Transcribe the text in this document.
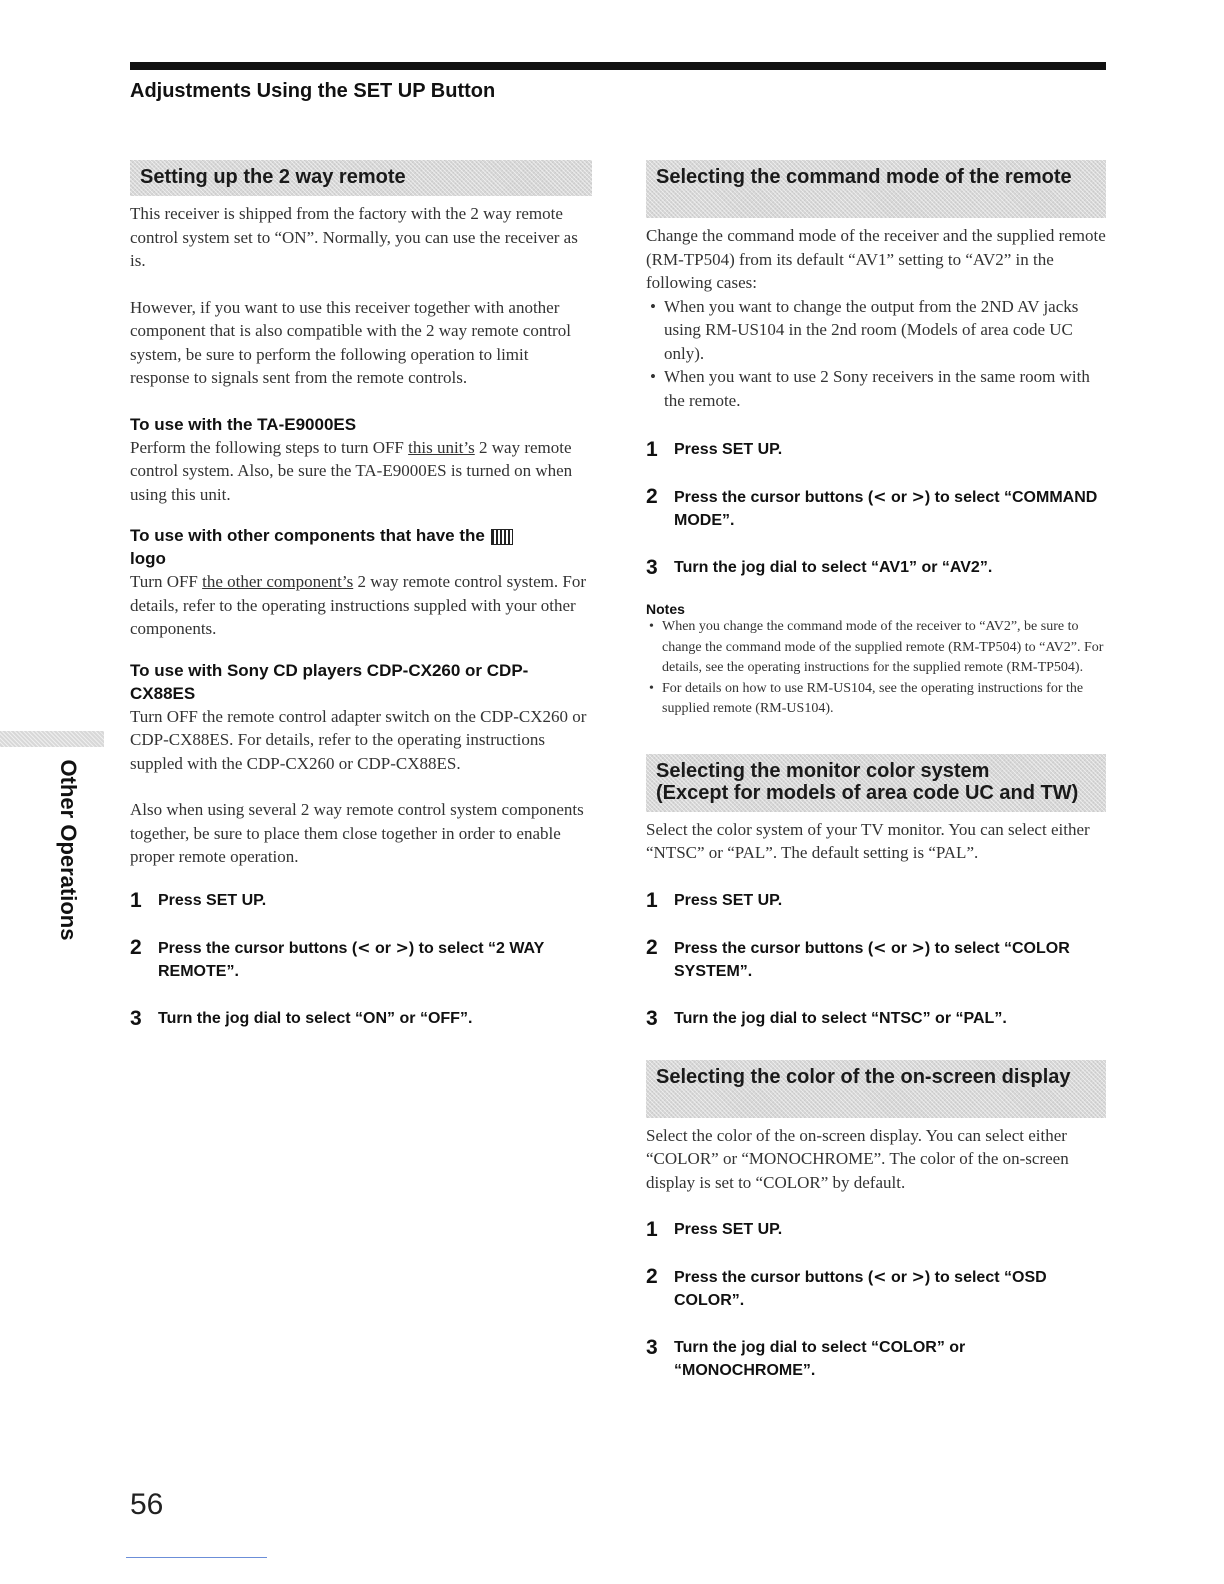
Adjustments Using the SET UP Button
Setting up the 2 way remote

This receiver is shipped from the factory with the 2 way remote control system set to “ON”. Normally, you can use the receiver as is.

However, if you want to use this receiver together with another component that is also compatible with the 2 way remote control system, be sure to perform the following operation to limit response to signals sent from the remote controls.

To use with the TA-E9000ES

Perform the following steps to turn OFF this unit’s 2 way remote control system. Also, be sure the TA-E9000ES is turned on when using this unit.

To use with other components that have the
logo

Turn OFF the other component’s 2 way remote control system. For details, refer to the operating instructions suppled with your other components.

To use with Sony CD players CDP-CX260 or CDP-CX88ES

Turn OFF the remote control adapter switch on the CDP-CX260 or CDP-CX88ES. For details, refer to the operating instructions suppled with the CDP-CX260 or CDP-CX88ES.

Also when using several 2 way remote control system components together, be sure to place them close together in order to enable proper remote operation.

1	Press SET UP.
2	Press the cursor buttons (< or >) to select “2 WAY REMOTE”.
3	Turn the jog dial to select “ON” or “OFF”.
Selecting the command mode of the remote

Change the command mode of the receiver and the supplied remote (RM-TP504) from its default “AV1” setting to “AV2” in the following cases:

• When you want to change the output from the 2ND AV jacks using RM-US104 in the 2nd room (Models of area code UC only).
• When you want to use 2 Sony receivers in the same room with the remote.
1	Press SET UP.
2	Press the cursor buttons (< or >) to select “COMMAND MODE”.
3	Turn the jog dial to select “AV1” or “AV2”.

Notes

• When you change the command mode of the receiver to “AV2”, be sure to change the command mode of the supplied remote (RM-TP504) to “AV2”. For details, see the operating instructions for the supplied remote (RM-TP504).
• For details on how to use RM-US104, see the operating instructions for the supplied remote (RM-US104).
Selecting the monitor color system
(Except for models of area code UC and TW)

Select the color system of your TV monitor. You can select either “NTSC” or “PAL”. The default setting is “PAL”.

1	Press SET UP.
2	Press the cursor buttons (< or >) to select “COLOR SYSTEM”.
3	Turn the jog dial to select “NTSC” or “PAL”.
Selecting the color of the on-screen display

Select the color of the on-screen display. You can select either “COLOR” or “MONOCHROME”. The color of the on-screen display is set to “COLOR” by default.

1	Press SET UP.
2	Press the cursor buttons (< or >) to select “OSD COLOR”.
3	Turn the jog dial to select “COLOR” or “MONOCHROME”.
Other Operations
56
